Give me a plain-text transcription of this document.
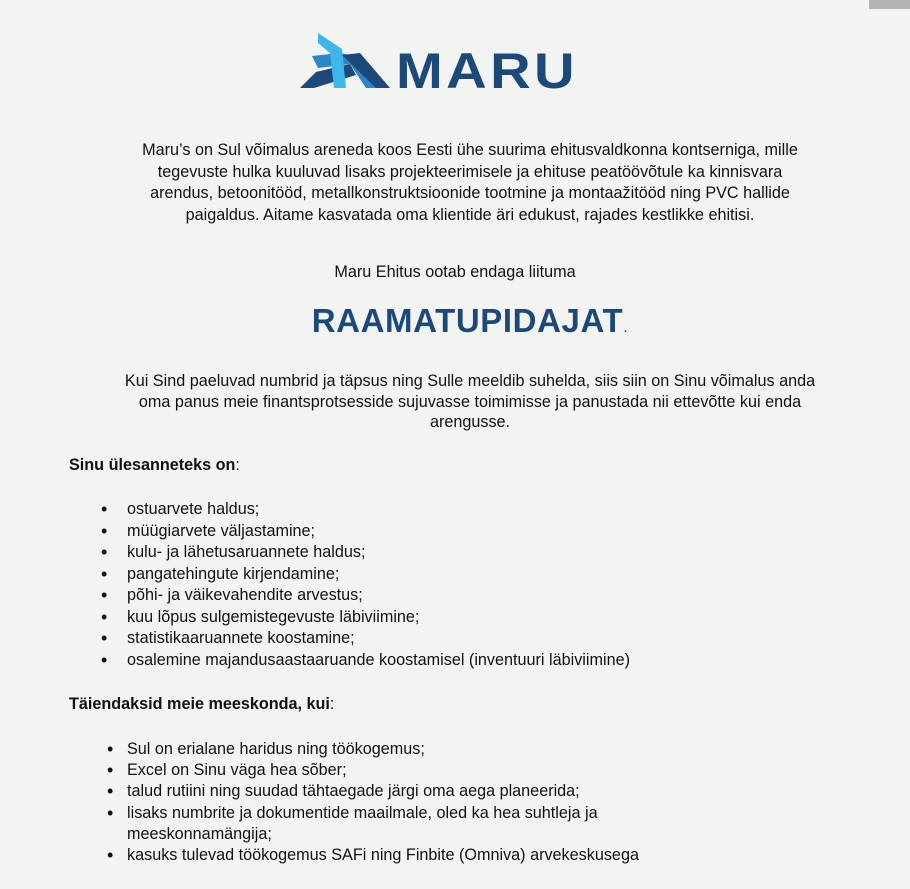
MARU

Maru’s on Sul võimalus areneda koos Eesti ühe suurima ehitusvaldkonna kontserniga, mille tegevuste hulka kuuluvad lisaks projekteerimisele ja ehituse peatöövõtule ka kinnisvara arendus, betoonitööd, metallkonstruktsioonide tootmine ja montaažitööd ning PVC hallide paigaldus. Aitame kasvatada oma klientide äri edukust, rajades kestlikke ehitisi.

Maru Ehitus ootab endaga liituma

RAAMATUPIDAJAT.

Kui Sind paeluvad numbrid ja täpsus ning Sulle meeldib suhelda, siis siin on Sinu võimalus anda oma panus meie finantsprotsesside sujuvasse toimimisse ja panustada nii ettevõtte kui enda arengusse.

Sinu ülesanneteks on:

• ostuarvete haldus;
• müügiarvete väljastamine;
• kulu- ja lähetusaruannete haldus;
• pangatehingute kirjendamine;
• põhi- ja väikevahendite arvestus;
• kuu lõpus sulgemistegevuste läbiviimine;
• statistikaaruannete koostamine;
• osalemine majandusaastaaruande koostamisel (inventuuri läbiviimine)

Täiendaksid meie meeskonda, kui:

• Sul on erialane haridus ning töökogemus;
• Excel on Sinu väga hea sõber;
• talud rutiini ning suudad tähtaegade järgi oma aega planeerida;
• lisaks numbrite ja dokumentide maailmale, oled ka hea suhtleja ja meeskonnamängija;
• kasuks tulevad töökogemus SAFi ning Finbite (Omniva) arvekeskusega
